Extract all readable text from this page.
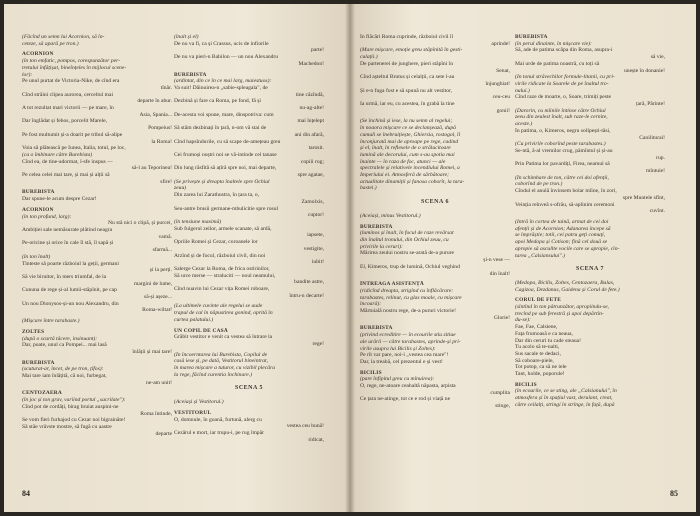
(Făcînd un semn lui Acornion, să în-
ceteze, să apară pe tron.)
ACORNION
(în ton emfatic, pompos, corespunzător per-
tretului înfățișat, bineînțeles în mijlocul scene-
lor):
Pe unul purtat de Victoria-Nike, de cînd era
tînăr.
Cînd străini clipea aurorea, cerceltul mai
departe în abur.
A tot rezultat mari victorii — pe mare, în
Asia, Spania...
Dar înglădat și febos, porcelit Marele,
Pompeius!
Pe fost multumit și-a doarit pe tribul să-alipe
la Roma!
Voia să plătească pe Iunea, Italia, totul, pe loc,
(ca o îmbinare către Burebista)
Cînd ea, de tine-adormat, î-sfe inspus —
să-l au Teporinea!
Pe celea celei mai tare, și mai și alții să
sfire!
BUREBISTA
Dar spune-le acum despre Cezar!
ACORNION
(în ton profund, larg):
Nu stă nici o clipă, și purcei,
Ambiției sale nemăsurate plătind neagra
vamă.
Pe-oricine și orice în cale îl stă, îl sapă și
sfarmă...
(în ton înalt)
Tinteste să poarte războiul la geții, germani
și la perți.
Să vie biruitor, în mers triumfal, de la
margini de lume,
Cununa de rege și-al lumii-stăpînit, pe cap
să-și așeze...
Un nou Dionysos-și-un nou Alexandru, din
Roma-wiltat!
(Mișcare între tarabaste.)
ZOLTES
(după o scurtă tăcere, insinuant):
Dar, poate, unul ca Pompei... mai lasă
înlății și mai tare!
BUREBISTA
(scuturat-ar, încet, de pe tron, țîfos):
Mai tare iam înlățită, că noi, furbegat,
ne-am unit!
CENTOZAERA
(în joc și ton grav, variind portul „sacrilate"):
Cînd pot de cordăți, birag bruiat auspini-ne
Roma întinde,
Se vom fieri furhajod cu Cezar noi bigrainăte!
Să stăe vrăvste mostre, să fugă cu aastre
departe
(înalt și el)
De nu va fi, ca și Crassus, ucis de infiorile
parte!
De nu va pieri-n Babilon — un nou Alexandru
Machedon!
BUREBISTA
(ardintat, din ce în ce mai larg, maiestuos):
Va suit! Dăinuirea-n „sabie-spleagala", de
tine căzîndă,
Dezbină și fare ca Roma, pe fond, fă și
nu-ag-alte!
De-acesta voi spune, mare, dinspotriva: cum
mai înțelept
Să stăm dezbinați în țară, n-om vă stai de
ani din afară,
Cînd hapsîndurile, cu să scape de-amețeau greu
tarosit.
Cei frumoși noștri noi se vă-intinde cel tanase
copiii rog;
Din lung răsfită să ațîră spre noi, mai departe,
spre agatae,
(Se privește și dreapta înaltele spre Ochiul
zeuu)
Din zarea lui Zarathustra, în țara ta, o,
Zamolxis,
Seu-antre brusii germane-mbulicitie spre rosul
cuptor!
(în tensiune maximă)
Sub fulgerul zeilor, armele scanate, să ardă,
iapsete,
Opriile Romei și Cezar, coroanele lor
vestigite,
Arzînd și de focul, războiul civil, din noi
iubit!
Salerge Cezar la Roma, de frica ostirinilor,
Să urce merse — straluciti — noul neamului,
bandite astre,
Cînd nuavin lui Cezar vița Romei roboare,
întru-n decarte!
(La ultimele cuvinte ale regelui se aude
trapul de cal în năpustirea gonind, oprită în
curtea palatului.)
UN COPIL DE CASĂ
Grăbit vestitor e venit ca vestea să întrare la
rege!
(În încoerntarea lui Burebista, Copilul de
casă iese și, pe dată, Vestitorul bineintrat,
în marea mișcare a tuturor, cu vizibil plecăra
la rege, făcînd curentia închinare.)
SCENA 5
(Aceiași și Vestitorul.)
VESTITORUL
O, domnule, în goană, furtună, alerg cu
vestea ceu bună!
Cezărul e mort, iar trupu-i, pe rug împăr
ridicat,
84
În flăcări Roma cuprinde, războiul civil îl
aprinde!
(Mare mișcare, emoție greu stăpînită în gesti-
culații.)
De partenerei de junghere, pieri stăpîni în
Senat,
Cînd așteltul Brutus și celalții, ca sete l-au
înjunghiat!
Și e-n fuga fost e să spună nu alt vestitor,
ceu-ceu
Ia urmă, iar eu, cu acestea, în grabă la tine
gonii!
(Se închină și iese, la nu semn al regelui;
în noaora mișcare ce se declanșează, după
cumuli se înebruițiește, Ghiersia, rostogol, îl
înconjurată mai de aproape pe rege, cadind
și el, înalt, în reflexele de o strălucitoare
lumină ale decorului, cum s-au spotia mai
înainte — în raza de foc, atunci — ale
spectralele și relativele incendiului Romei, a
Imperiului ei. Atmosferă de sărbătoare;
actualitate dinamiții și fanosa coborît, la tara-
bastei.)
SCENA 6
(Aceiași, minus Vestitorul.)
BUREBISTA
(luminos și înalt, în focul de raze revărsat
din înaltul tronului, din Ochiul zeuu, cu
privirile la ceruri):
Mărirea zeului nostru se-arată de-a purure
și-n vese —
El, Kimeros, trup de lumină, Ochiul veghind
din înalt!
ÎNTREAGA ASISTENȚĂ
(ridicînd dreapta, strigînd cu înflăcărare:
tarabastes, relinut, cu glas moale, cu mișcare
încoară):
Mărtuială nostru rege, de-a pururi victorie!
Glorie!
BUREBISTA
(privind ecreditire — în ecourile stiu zitiue
ale urării — către tarabastes, aprinde-și pri-
virile asupra lui Bicilis și Zoltes):
Pe rît var pare, noi-i „vestea cea mare"!
Dar, la treabă, cel prezentul e și vest!
BICILIS
(pare înfipitul greu cu mînuirea):
O, rege, ne-atoare ceahaltă năpasta, arpista
cumplita
Ce țara ne-atinge, tot ce e rod și viață ne
stinge,
BUREBISTA
(în perul dinainte, în mișcare vie):
Să, ade de patima scăpa din Roma, asupra-i
să vie,
Mai urde de patima noastră, cu toți să
unește în donanie!
(In tonul străvechilor formule-litanii, cu pri-
virile ridicate la Soarele de pe înaltul tro-
nului.)
Cînd raze de moarte, o, Soare, trimiți peste
țară, Părinte!
(Darorin, cu mîinile întinse către Ochiul
zeeu din zeulest înalt, sub raze-le cernite,
aceste.)
În patima, o, Kimeros, negru sollpești-tăsi,
Caniliturai!
(Cu privirile coborînd peste tarabastes.)
Se-ntă, ă-al vremilor crug, pămîntul și și-au
rup.
Prin Patima lor pavardiți, Firea, neamul să
mîntuie!
(În schimbare de ton, către cei doi afenții,
coborînd de pe tron.)
Cîndul el anulă învinsem bolar mîine, în zori,
spre Muntele sfînt,
Veinția reînveă s-ofrău, să-aplinim ceremoni
cuvînt.
(Intră în cortea de taină, armat de cei doi
afenții și de Acornion; Adanarea începe să
se împrăștie; totii, cei patru geți comuți,
apoi Medopa și Cotison; fină cel două se
apropie să ascullte vocile care se apropie, cîn-
tarea „Calsiansului".)
SCENA 7
(Medopa, Bicilis, Zoltes, Centozaera, Balas,
Cagizoa, Dezdanus, Gaidena și Corul de fete.)
CORUL DE FETE
(sîntînd în ton pătrunzător, apropiindu-se,
trecînd pe sub ferestră și apoi depărtîn-
du-se):
Fae, Fae, Calsiene,
Fața frumoasă e ca neaua,
Dar din ceruri tu cade steaua!
Tu acolo să te-nalti,
Sus sacale te dedaci,
Să coboare-piele,
Tot potop, ca să ne iele
Tant, holde, poporule!
BICILIS
(în ecourile, ce se sting, ale „Calsianului", în
atmosfera și în spațiul vast, derulant, creat,
către ceilalți, stringi în strînge, în față, după
85
